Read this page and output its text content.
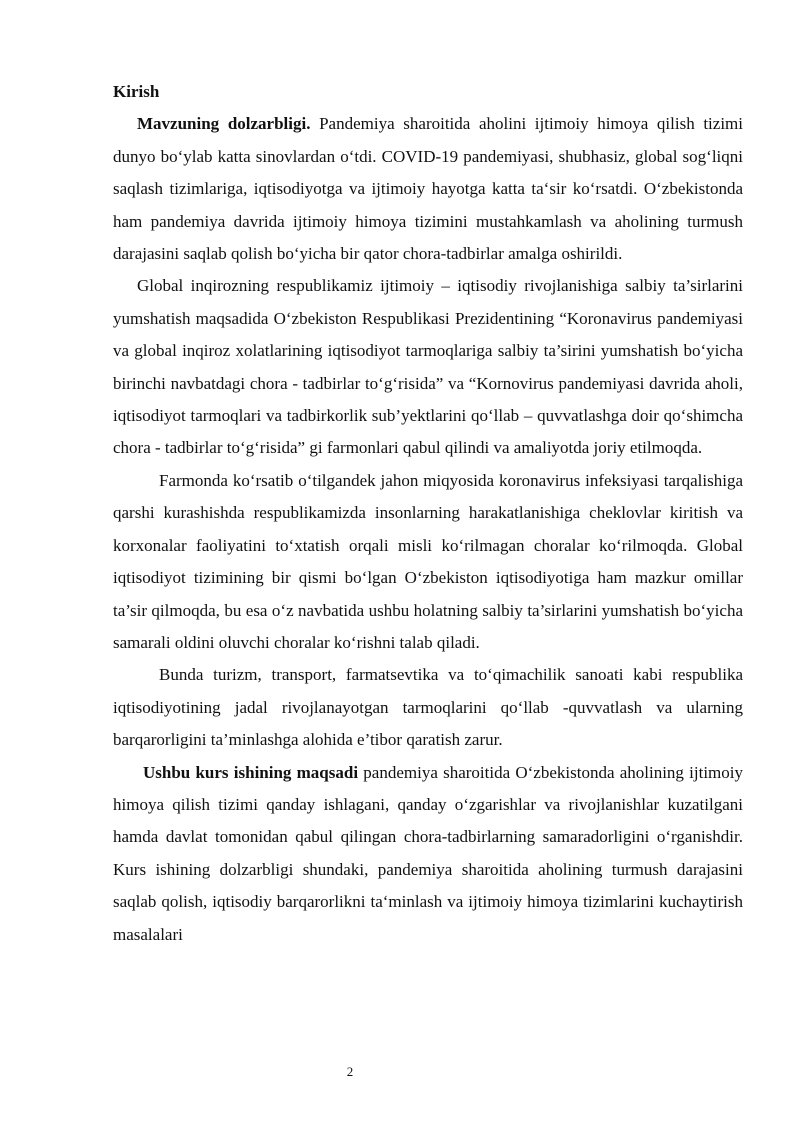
Kirish

Mavzuning dolzarbligi. Pandemiya sharoitida aholini ijtimoiy himoya qilish tizimi dunyo bo‘ylab katta sinovlardan o‘tdi. COVID-19 pandemiyasi, shubhasiz, global sog‘liqni saqlash tizimlariga, iqtisodiyotga va ijtimoiy hayotga katta ta‘sir ko‘rsatdi. O‘zbekistonda ham pandemiya davrida ijtimoiy himoya tizimini mustahkamlash va aholining turmush darajasini saqlab qolish bo‘yicha bir qator chora-tadbirlar amalga oshirildi.

Global inqirozning respublikamiz ijtimoiy – iqtisodiy rivojlanishiga salbiy ta’sirlarini yumshatish maqsadida O‘zbekiston Respublikasi Prezidentining “Koronavirus pandemiyasi va global inqiroz xolatlarining iqtisodiyot tarmoqlariga salbiy ta’sirini yumshatish bo‘yicha birinchi navbatdagi chora - tadbirlar to‘g‘risida” va “Kornovirus pandemiyasi davrida aholi, iqtisodiyot tarmoqlari va tadbirkorlik sub’yektlarini qo‘llab – quvvatlashga doir qo‘shimcha chora - tadbirlar to‘g‘risida” gi farmonlari qabul qilindi va amaliyotda joriy etilmoqda.

Farmonda ko‘rsatib o‘tilgandek jahon miqyosida koronavirus infeksiyasi tarqalishiga qarshi kurashishda respublikamizda insonlarning harakatlanishiga cheklovlar kiritish va korxonalar faoliyatini to‘xtatish orqali misli ko‘rilmagan choralar ko‘rilmoqda. Global iqtisodiyot tizimining bir qismi bo‘lgan O‘zbekiston iqtisodiyotiga ham mazkur omillar ta’sir qilmoqda, bu esa o‘z navbatida ushbu holatning salbiy ta’sirlarini yumshatish bo‘yicha samarali oldini oluvchi choralar ko‘rishni talab qiladi.

Bunda turizm, transport, farmatsevtika va to‘qimachilik sanoati kabi respublika iqtisodiyotining jadal rivojlanayotgan tarmoqlarini qo‘llab -quvvatlash va ularning barqarorligini ta’minlashga alohida e’tibor qaratish zarur.

Ushbu kurs ishining maqsadi pandemiya sharoitida O‘zbekistonda aholining ijtimoiy himoya qilish tizimi qanday ishlagani, qanday o‘zgarishlar va rivojlanishlar kuzatilgani hamda davlat tomonidan qabul qilingan chora-tadbirlarning samaradorligini o‘rganishdir. Kurs ishining dolzarbligi shundaki, pandemiya sharoitida aholining turmush darajasini saqlab qolish, iqtisodiy barqarorlikni ta‘minlash va ijtimoiy himoya tizimlarini kuchaytirish masalalari

2
